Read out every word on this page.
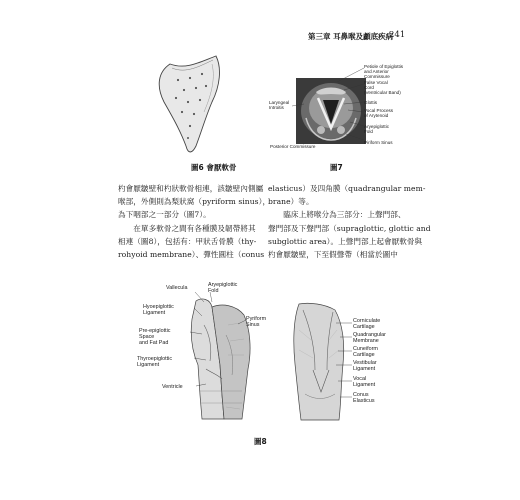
第三章 耳鼻喉及顱底疾病
241
圖6 會厭軟骨
Petiole of Epiglottis
and Anterior
Commissure
False Vocal
Cord
(Ventricular Band)
Laryngeal
Introitis
Glottis
Vocal Process
of Arytenoid
Aryepiglottic
Fold
Piriform Sinus
Posterior Commissure
圖7

杓會厭皺壁和杓狀軟骨相連，該皺壁內側屬

喉部，外側則為梨狀窩（pyriform sinus），

為下咽部之一部分（圖7）。

　　在單多軟骨之間有各種膜及韌帶將其

相連（圖8），包括有：甲狀舌骨膜（thy-

rohyoid membrane）、彈性圓柱（conus

elasticus）及四角膜（quadrangular mem-

brane）等。

　　臨床上將喉分為三部分：上聲門部、

聲門部及下聲門部（supraglottic, glottic and

subglottic area）。上聲門部上起會厭軟骨與

杓會厭皺壁，下至假聲帶（相當於圖中

Vallecula	Aryepiglottic
Fold
Hyoepiglottic
Ligament
Pre-epiglottic
Space
and Fat Pad
Pyriform
Sinus
Thyroepiglottic
Ligament
Ventricle
Corniculate
Cartilage
Quadrangular
Membrane
Cuneiform
Cartilage
Vestibular
Ligament
Vocal
Ligament
Conus
Elasticus
圖8
